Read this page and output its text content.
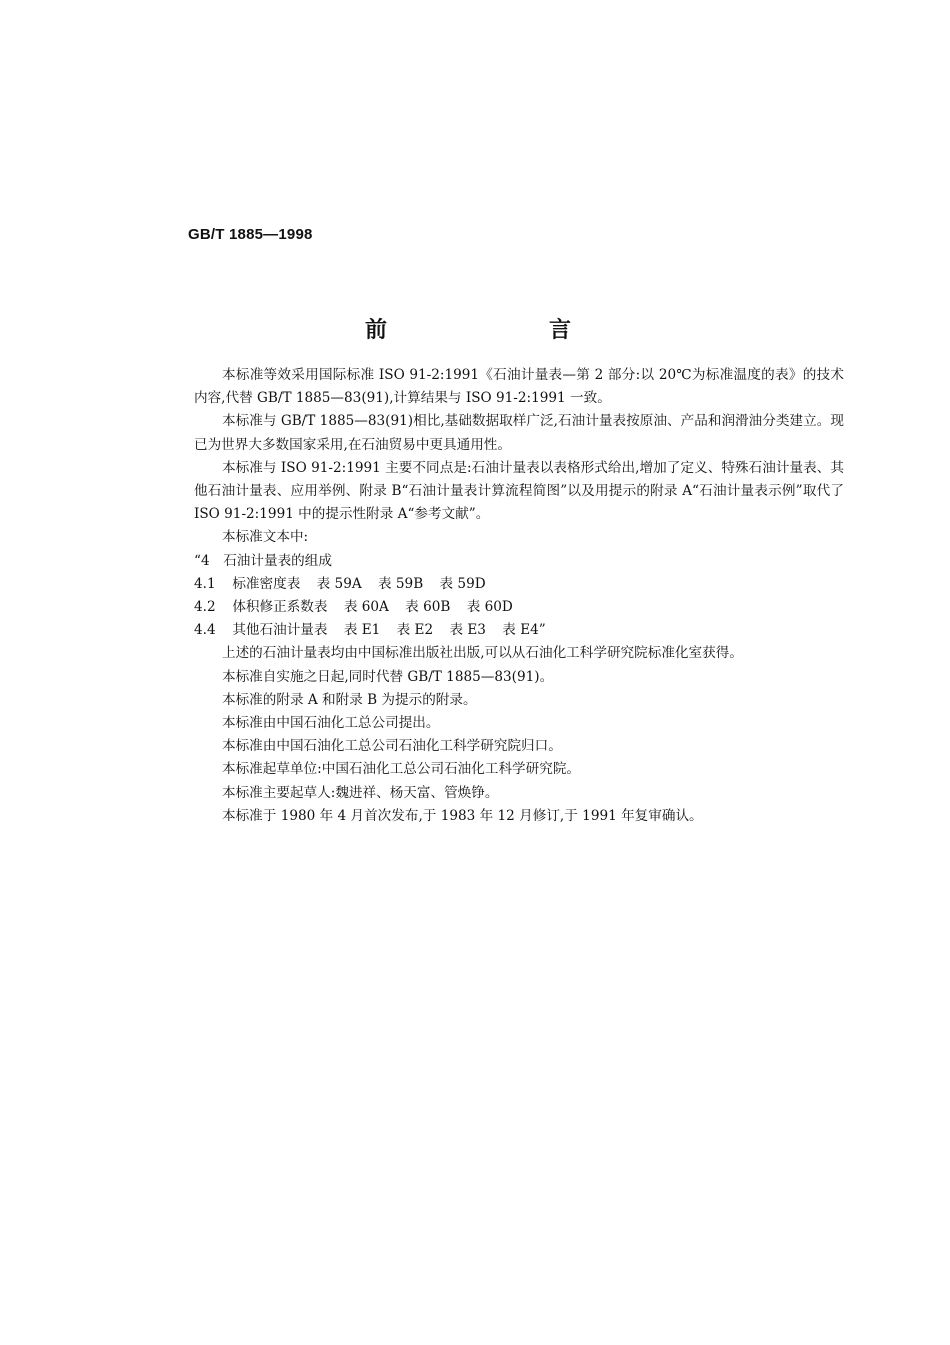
GB/T 1885—1998
前　言

本标准等效采用国际标准 ISO 91-2:1991《石油计量表—第 2 部分:以 20℃为标准温度的表》的技术内容,代替 GB/T 1885—83(91),计算结果与 ISO 91-2:1991 一致。

本标准与 GB/T 1885—83(91)相比,基础数据取样广泛,石油计量表按原油、产品和润滑油分类建立。现已为世界大多数国家采用,在石油贸易中更具通用性。

本标准与 ISO 91-2:1991 主要不同点是:石油计量表以表格形式给出,增加了定义、特殊石油计量表、其他石油计量表、应用举例、附录 B“石油计量表计算流程简图”以及用提示的附录 A“石油计量表示例”取代了 ISO 91-2:1991 中的提示性附录 A“参考文献”。

本标准文本中:

“4　石油计量表的组成

4.1 标准密度表 表 59A 表 59B 表 59D

4.2 体积修正系数表 表 60A 表 60B 表 60D

4.4 其他石油计量表 表 E1 表 E2 表 E3 表 E4”

上述的石油计量表均由中国标准出版社出版,可以从石油化工科学研究院标准化室获得。

本标准自实施之日起,同时代替 GB/T 1885—83(91)。

本标准的附录 A 和附录 B 为提示的附录。

本标准由中国石油化工总公司提出。

本标准由中国石油化工总公司石油化工科学研究院归口。

本标准起草单位:中国石油化工总公司石油化工科学研究院。

本标准主要起草人:魏进祥、杨天富、管焕铮。

本标准于 1980 年 4 月首次发布,于 1983 年 12 月修订,于 1991 年复审确认。
